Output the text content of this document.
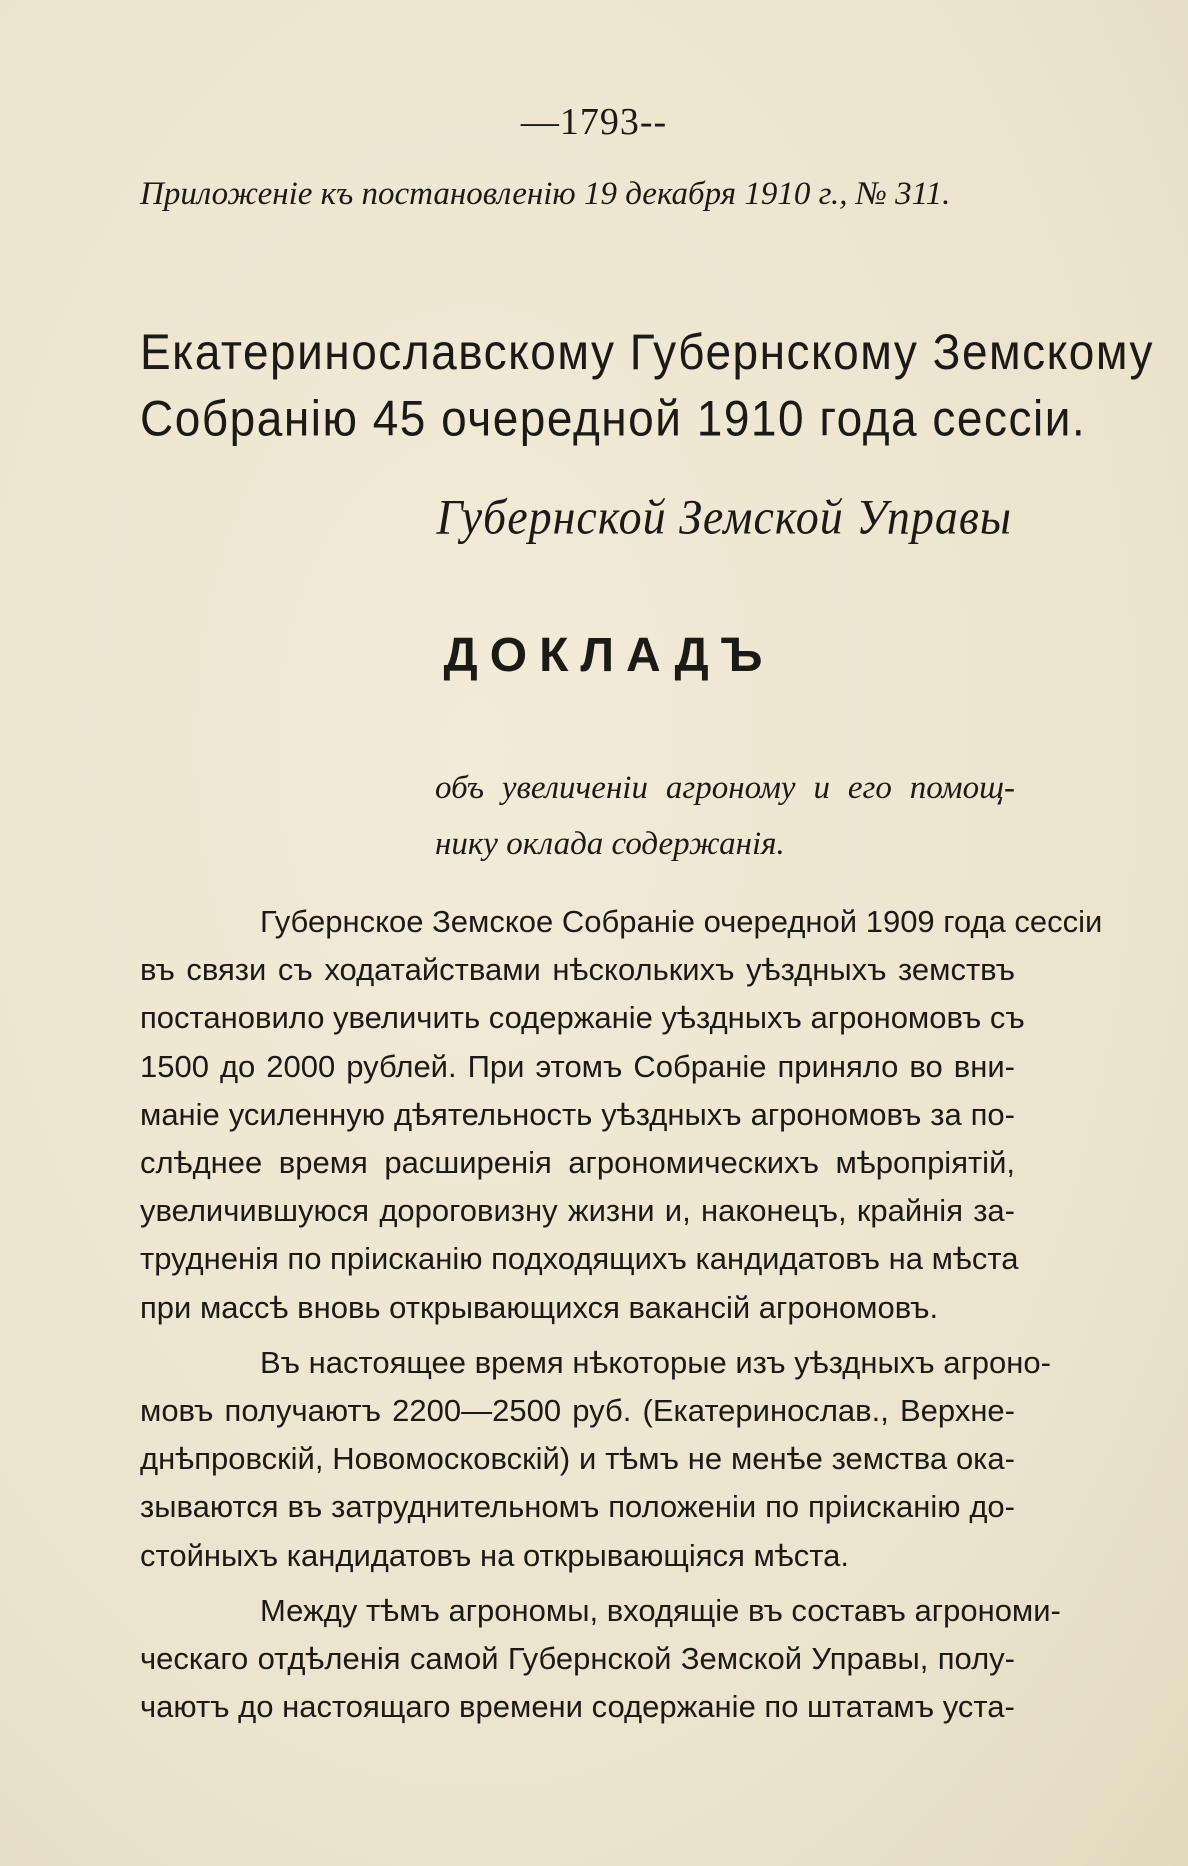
—1793--
Приложенiе къ постановленiю 19 декабря 1910 г., № 311.
Екатеринославскому Губернскому Земскому
Собранiю 45 очередной 1910 года сессiи.
Губернской Земской Управы
ДОКЛАДЪ
объ увеличенiи агроному и его помощ-
нику оклада содержанiя.
Губернское Земское Собранiе очередной 1909 года сессiи
въ связи съ ходатайствами нѣсколькихъ уѣздныхъ земствъ
постановило увеличить содержанiе уѣздныхъ агрономовъ съ
1500 до 2000 рублей. При этомъ Собранiе приняло во вни-
манiе усиленную дѣятельность уѣздныхъ агрономовъ за по-
слѣднее время расширенiя агрономическихъ мѣропрiятiй,
увеличившуюся дороговизну жизни и, наконецъ, крайнiя за-
трудненiя по прiисканiю подходящихъ кандидатовъ на мѣста
при массѣ вновь открывающихся вакансiй агрономовъ.
Въ настоящее время нѣкоторые изъ уѣздныхъ агроно-
мовъ получаютъ 2200—2500 руб. (Екатеринослав., Верхне-
днѣпровскiй, Новомосковскiй) и тѣмъ не менѣе земства ока-
зываются въ затруднительномъ положенiи по прiисканiю до-
стойныхъ кандидатовъ на открывающiяся мѣста.
Между тѣмъ агрономы, входящiе въ составъ агрономи-
ческаго отдѣленiя самой Губернской Земской Управы, полу-
чаютъ до настоящаго времени содержанiе по штатамъ уста-
